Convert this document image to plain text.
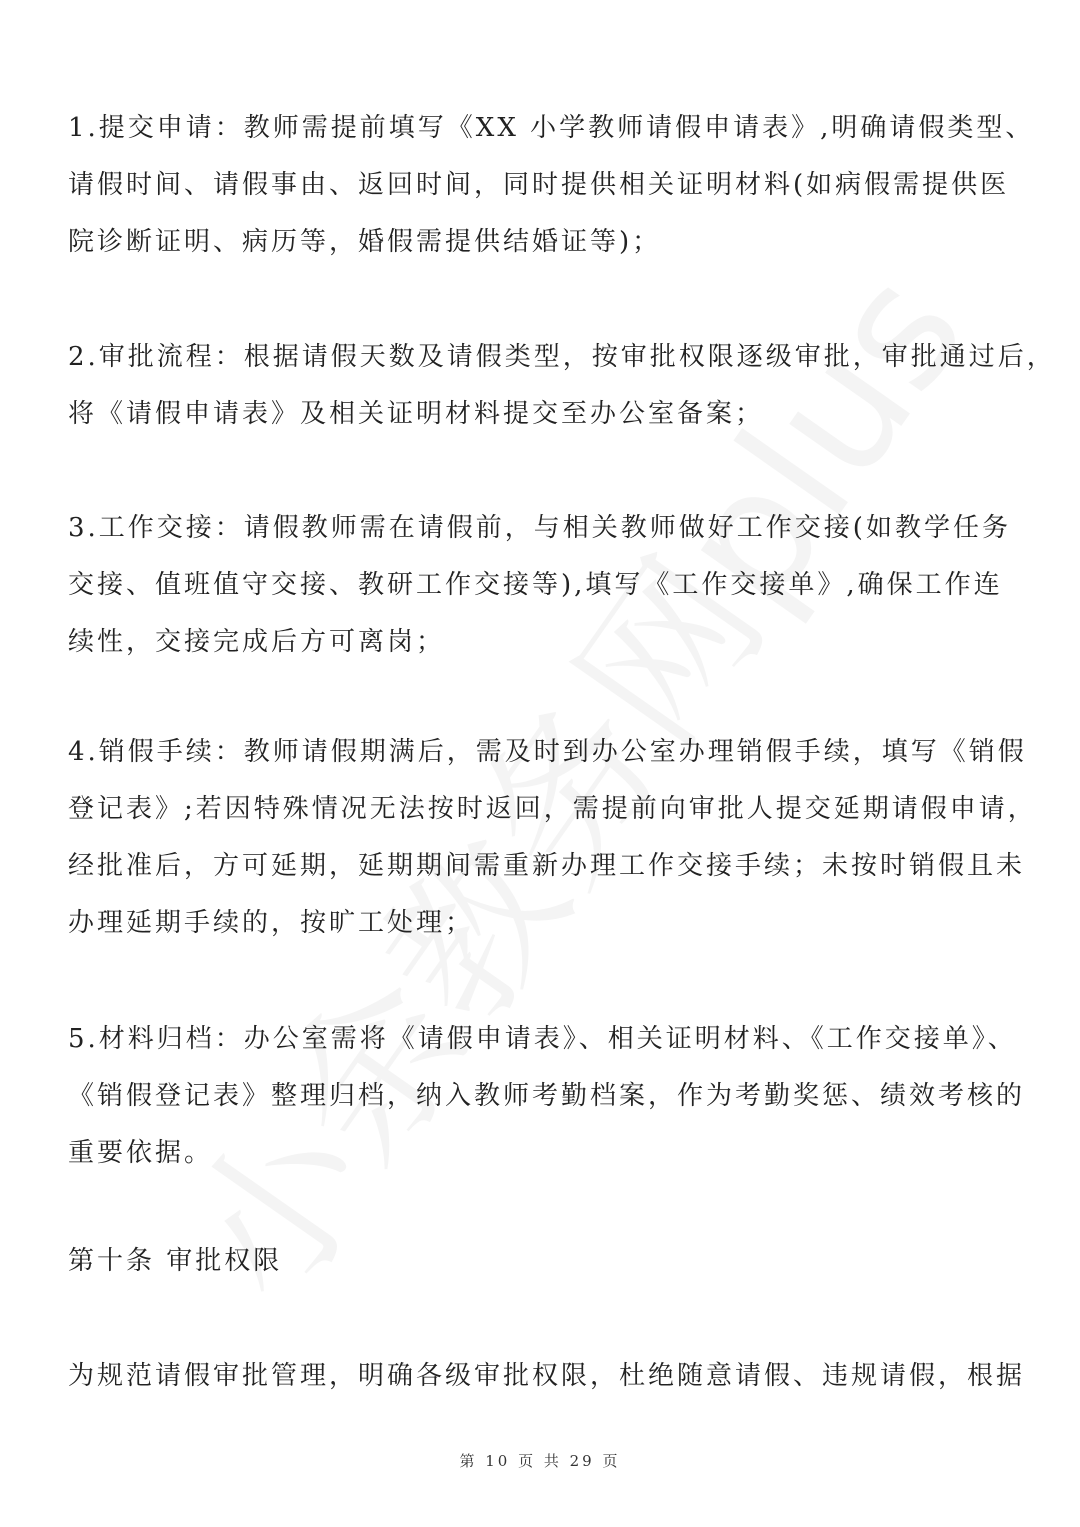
1.提交申请：教师需提前填写《XX 小学教师请假申请表》,明确请假类型、
请假时间、请假事由、返回时间，同时提供相关证明材料(如病假需提供医
院诊断证明、病历等，婚假需提供结婚证等)；
2.审批流程：根据请假天数及请假类型，按审批权限逐级审批，审批通过后，
将《请假申请表》及相关证明材料提交至办公室备案；
3.工作交接：请假教师需在请假前，与相关教师做好工作交接(如教学任务
交接、值班值守交接、教研工作交接等),填写《工作交接单》,确保工作连
续性，交接完成后方可离岗；
4.销假手续：教师请假期满后，需及时到办公室办理销假手续，填写《销假
登记表》;若因特殊情况无法按时返回，需提前向审批人提交延期请假申请，
经批准后，方可延期，延期期间需重新办理工作交接手续；未按时销假且未
办理延期手续的，按旷工处理；
5.材料归档：办公室需将《请假申请表》、相关证明材料、《工作交接单》、
《销假登记表》整理归档，纳入教师考勤档案，作为考勤奖惩、绩效考核的
重要依据。
第十条 审批权限
为规范请假审批管理，明确各级审批权限，杜绝随意请假、违规请假，根据
第 10 页 共 29 页
